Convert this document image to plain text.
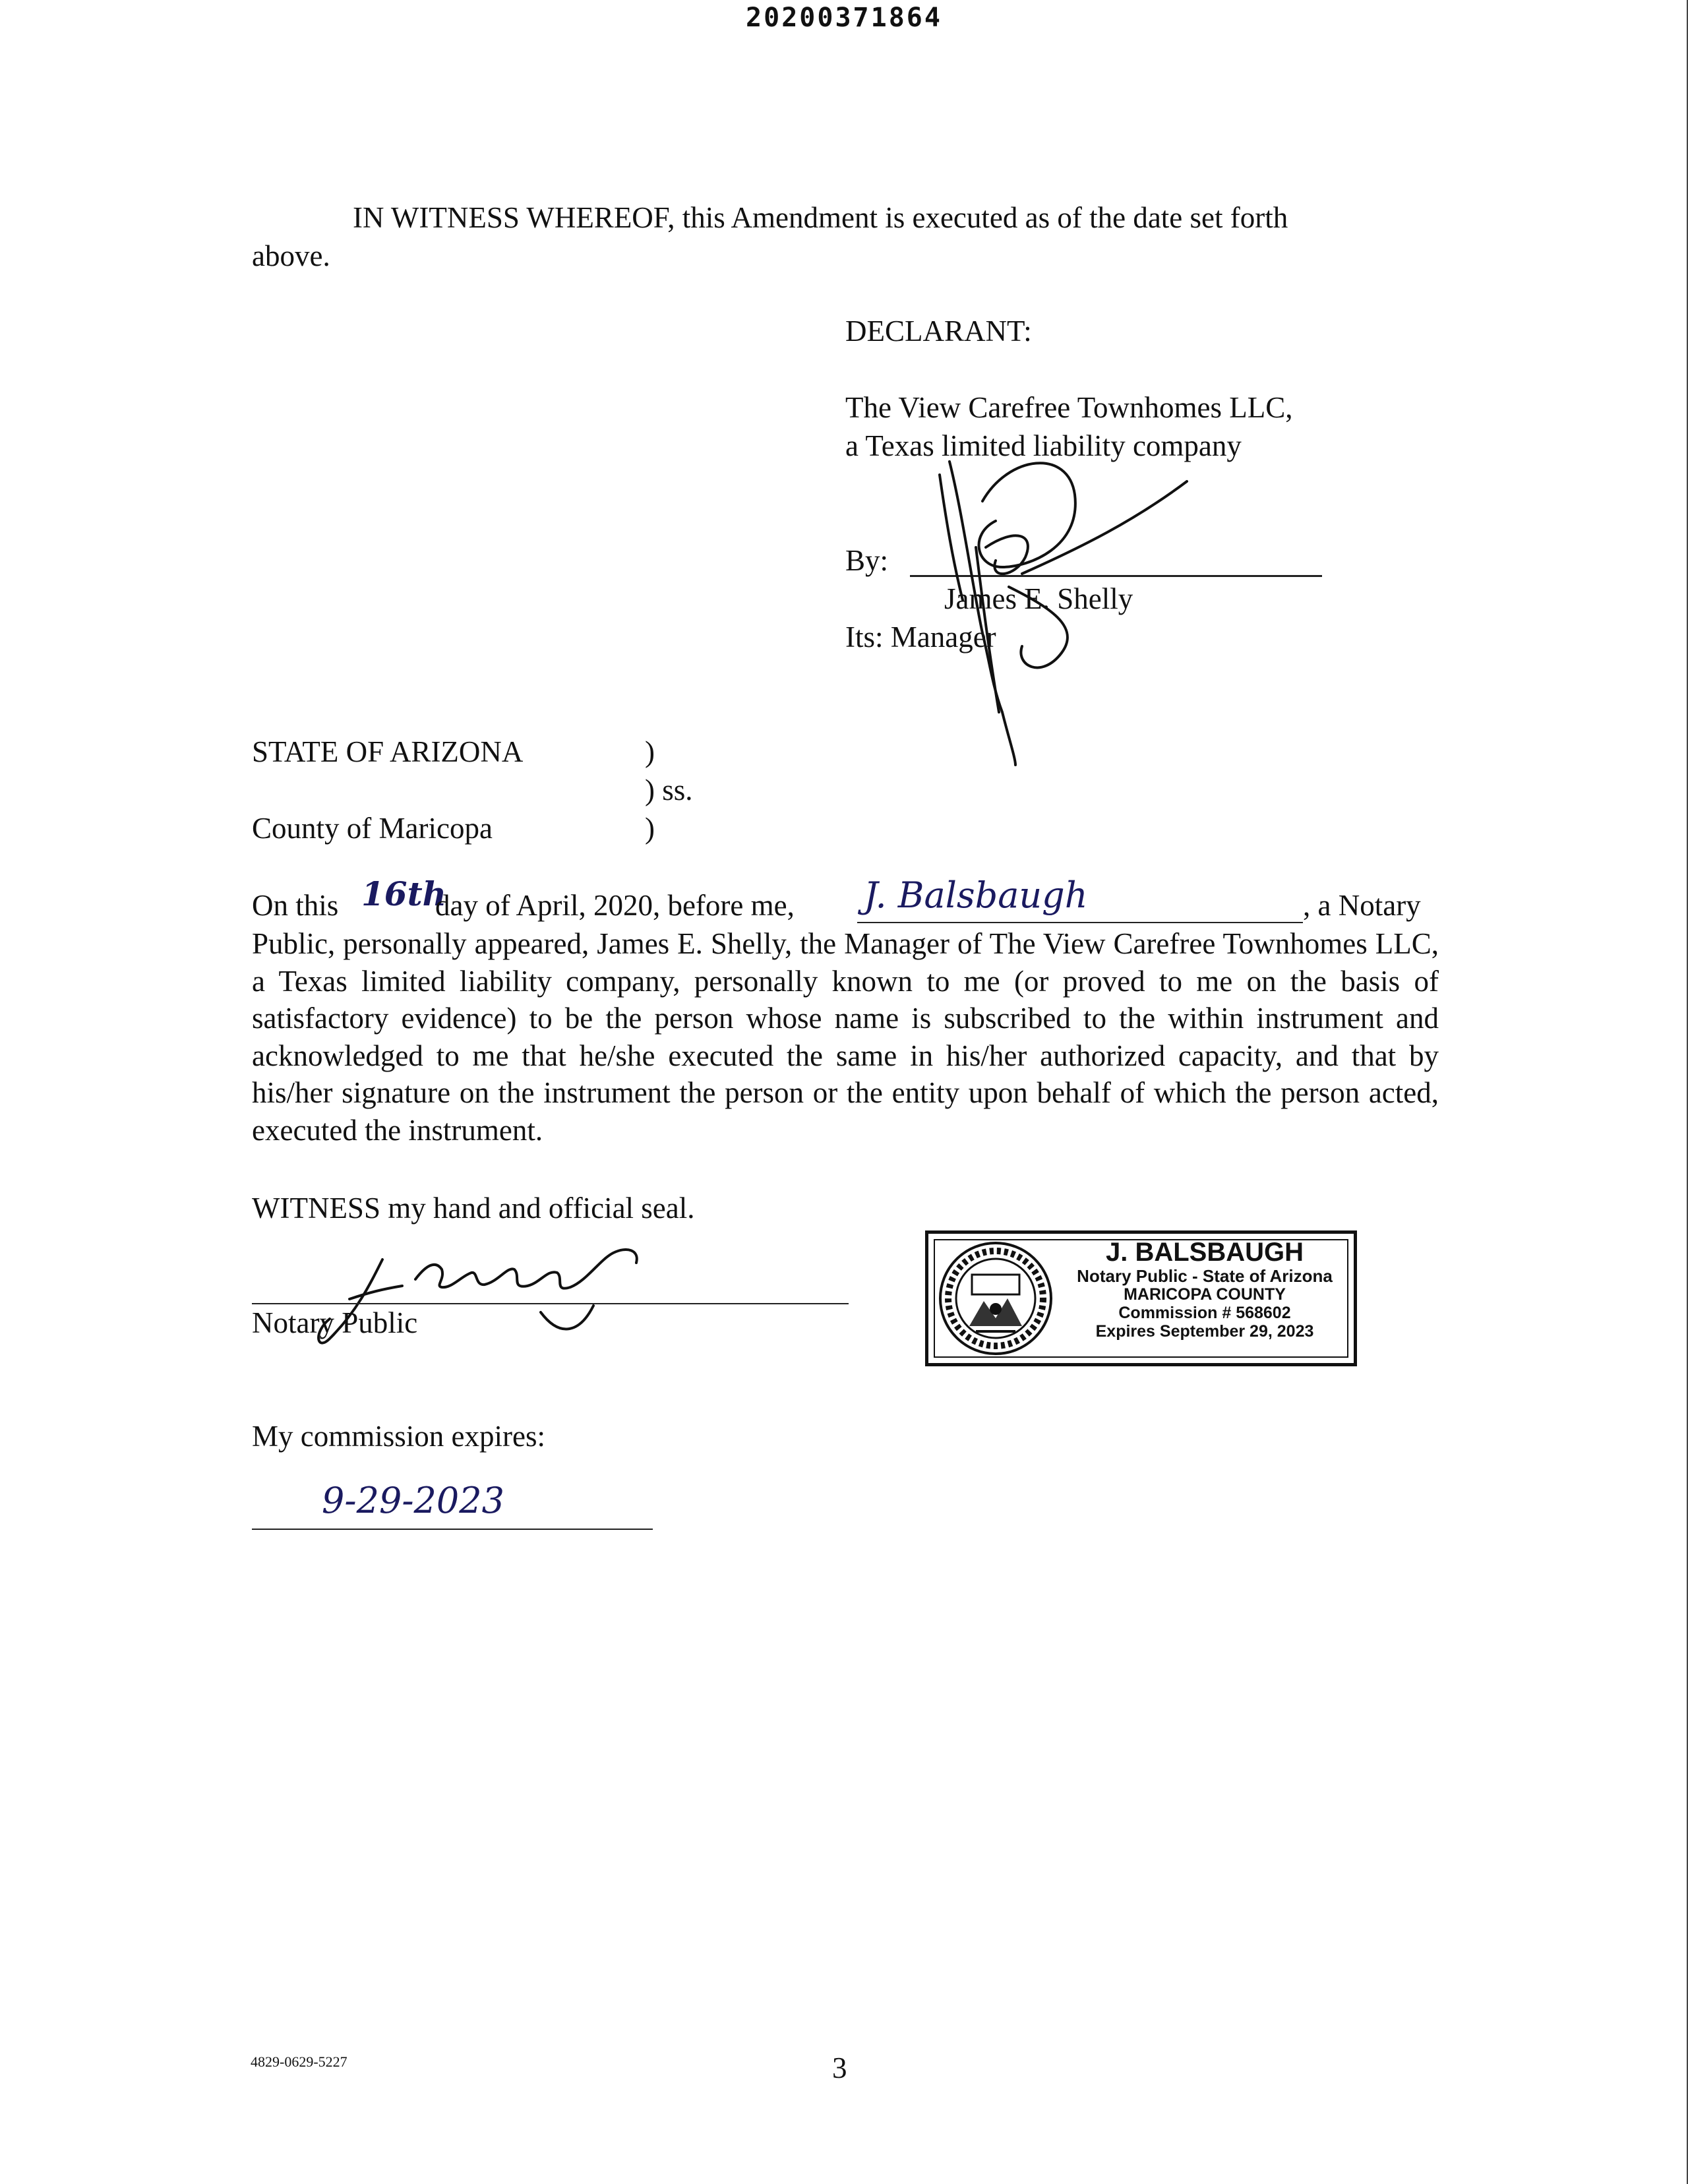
20200371864
IN WITNESS WHEREOF, this Amendment is executed as of the date set forth
above.
DECLARANT:
The View Carefree Townhomes LLC,
a Texas limited liability company
By:
James E. Shelly
Its: Manager
STATE OF ARIZONA	)
) ss.
County of Maricopa	)
On this 16th
day of April, 2020, before me, J. Balsbaugh	, a Notary
Public, personally appeared, James E. Shelly, the Manager of The View Carefree Townhomes LLC, a Texas limited liability company, personally known to me (or proved to me on the basis of satisfactory evidence) to be the person whose name is subscribed to the within instrument and acknowledged to me that he/she executed the same in his/her authorized capacity, and that by his/her signature on the instrument the person or the entity upon behalf of which the person acted, executed the instrument.
WITNESS my hand and official seal.
Notary Public
J. BALSBAUGH
Notary Public - State of Arizona
MARICOPA COUNTY
Commission # 568602
Expires September 29, 2023
My commission expires:
9-29-2023
4829-0629-5227	3
